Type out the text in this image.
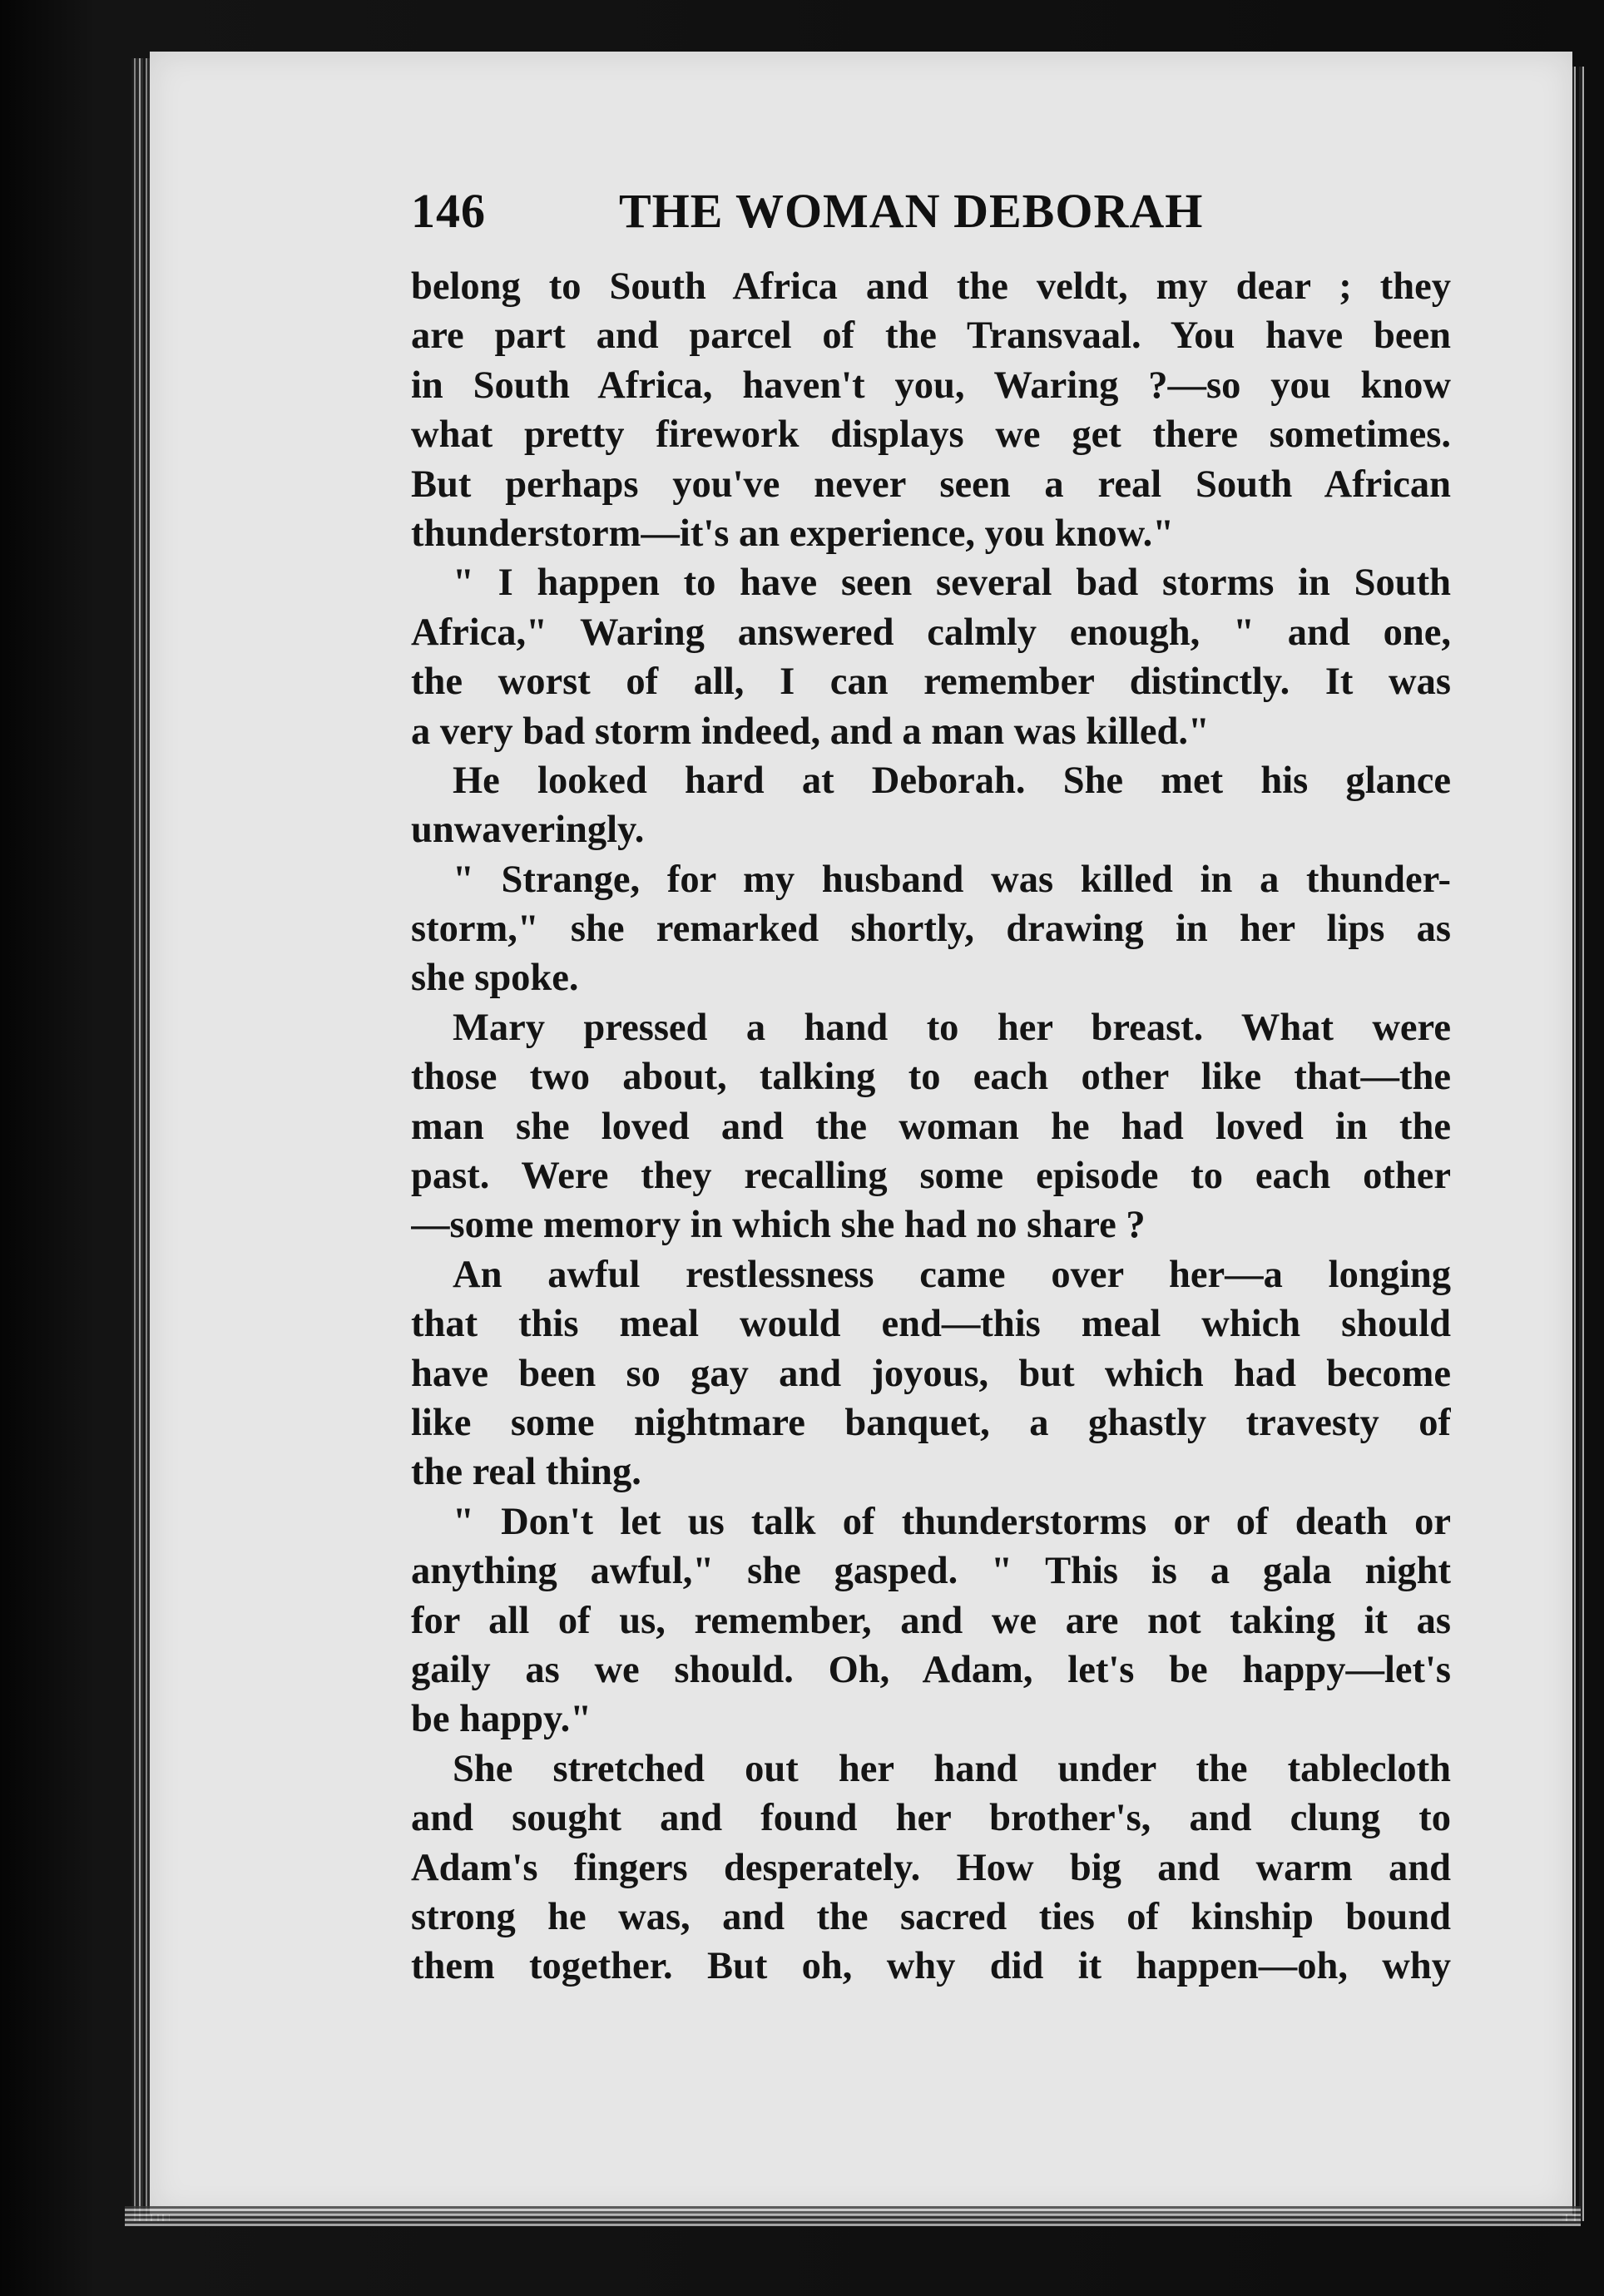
146	THE WOMAN DEBORAH
belong to South Africa and the veldt, my dear ; they
are part and parcel of the Transvaal. You have been
in South Africa, haven't you, Waring ?—so you know
what pretty firework displays we get there sometimes.
But perhaps you've never seen a real South African
thunderstorm—it's an experience, you know."
" I happen to have seen several bad storms in South
Africa," Waring answered calmly enough, " and one,
the worst of all, I can remember distinctly. It was
a very bad storm indeed, and a man was killed."
He looked hard at Deborah. She met his glance
unwaveringly.
" Strange, for my husband was killed in a thunder-
storm," she remarked shortly, drawing in her lips as
she spoke.
Mary pressed a hand to her breast. What were
those two about, talking to each other like that—the
man she loved and the woman he had loved in the
past. Were they recalling some episode to each other
—some memory in which she had no share ?
An awful restlessness came over her—a longing
that this meal would end—this meal which should
have been so gay and joyous, but which had become
like some nightmare banquet, a ghastly travesty of
the real thing.
" Don't let us talk of thunderstorms or of death or
anything awful," she gasped. " This is a gala night
for all of us, remember, and we are not taking it as
gaily as we should. Oh, Adam, let's be happy—let's
be happy."
She stretched out her hand under the tablecloth
and sought and found her brother's, and clung to
Adam's fingers desperately. How big and warm and
strong he was, and the sacred ties of kinship bound
them together. But oh, why did it happen—oh, why
